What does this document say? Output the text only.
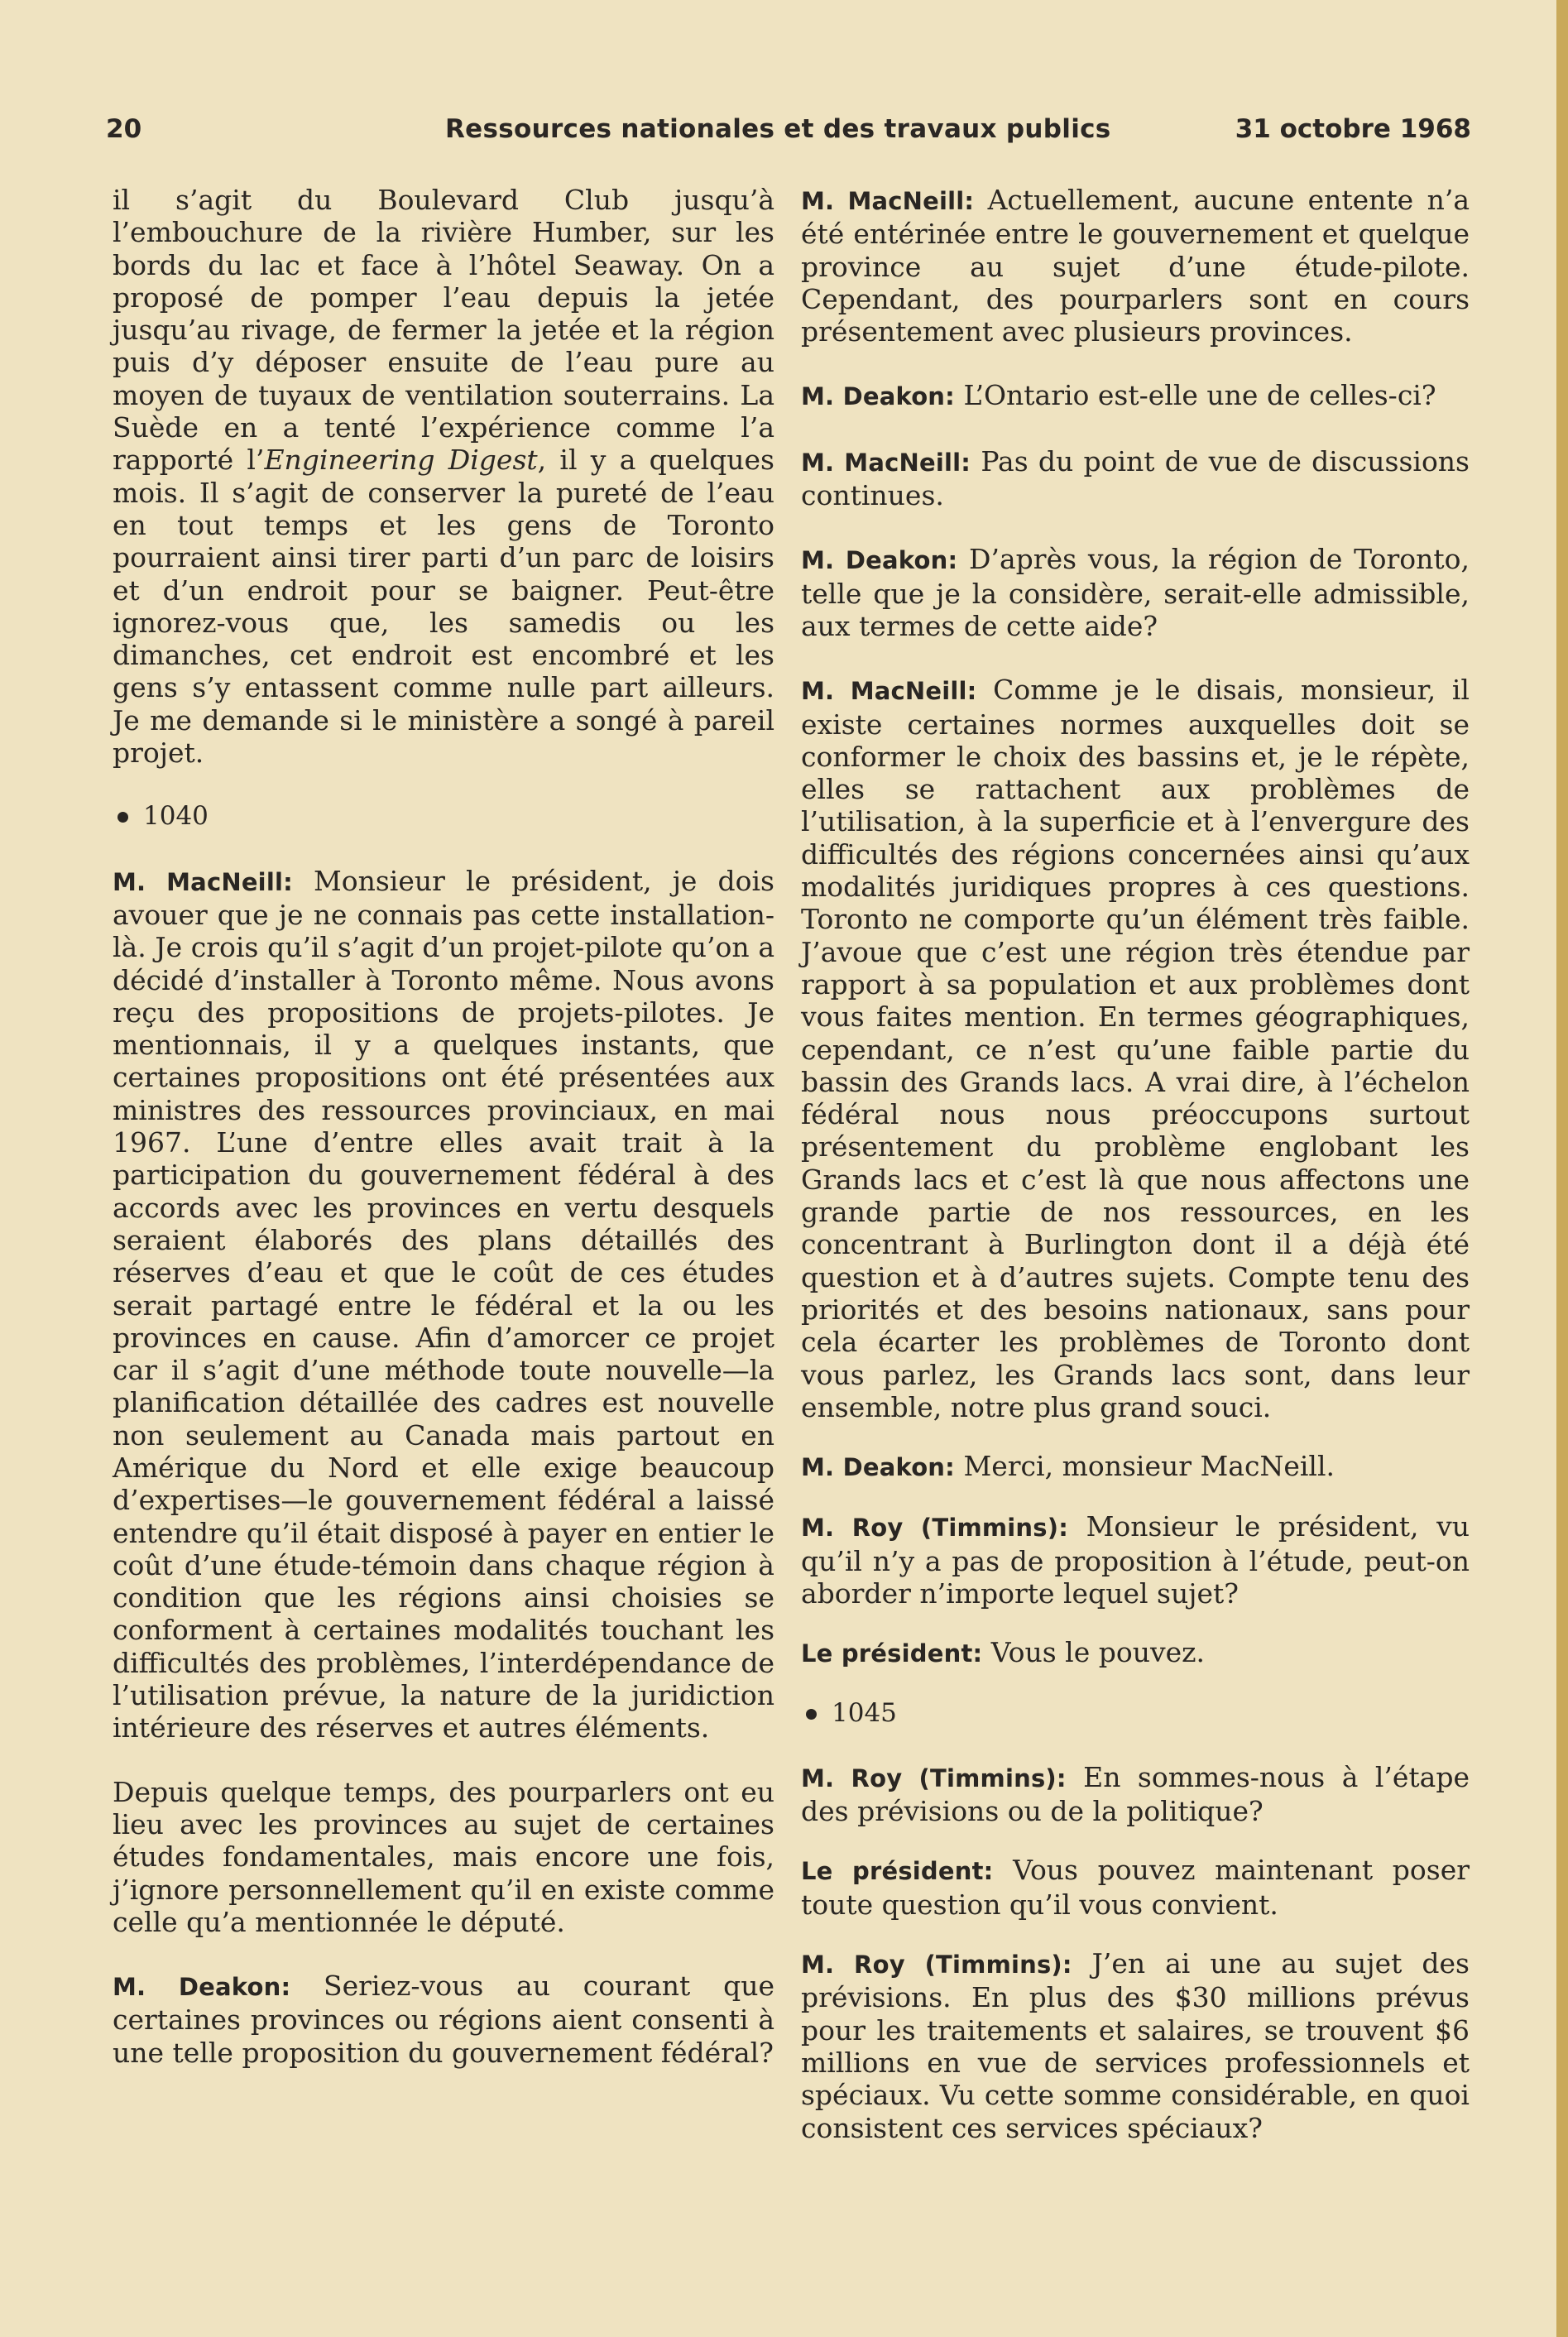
20	Ressources nationales et des travaux publics	31 octobre 1968

il s’agit du Boulevard Club jusqu’à l’embouchure de la rivière Humber, sur les bords du lac et face à l’hôtel Seaway. On a proposé de pomper l’eau depuis la jetée jusqu’au rivage, de fermer la jetée et la région puis d’y déposer ensuite de l’eau pure au moyen de tuyaux de ventilation souterrains. La Suède en a tenté l’expérience comme l’a rapporté l’Engineering Digest, il y a quelques mois. Il s’agit de conserver la pureté de l’eau en tout temps et les gens de Toronto pourraient ainsi tirer parti d’un parc de loisirs et d’un endroit pour se baigner. Peut-être ignorez-vous que, les samedis ou les dimanches, cet endroit est encombré et les gens s’y entassent comme nulle part ailleurs. Je me demande si le ministère a songé à pareil projet.

1040

M. MacNeill: Monsieur le président, je dois avouer que je ne connais pas cette installation-là. Je crois qu’il s’agit d’un projet-pilote qu’on a décidé d’installer à Toronto même. Nous avons reçu des propositions de projets-pilotes. Je mentionnais, il y a quelques instants, que certaines propositions ont été présentées aux ministres des ressources provinciaux, en mai 1967. L’une d’entre elles avait trait à la participation du gouvernement fédéral à des accords avec les provinces en vertu desquels seraient élaborés des plans détaillés des réserves d’eau et que le coût de ces études serait partagé entre le fédéral et la ou les provinces en cause. Afin d’amorcer ce projet car il s’agit d’une méthode toute nouvelle—la planification détaillée des cadres est nouvelle non seulement au Canada mais partout en Amérique du Nord et elle exige beaucoup d’expertises—le gouvernement fédéral a laissé entendre qu’il était disposé à payer en entier le coût d’une étude-témoin dans chaque région à condition que les régions ainsi choisies se conforment à certaines modalités touchant les difficultés des problèmes, l’interdépendance de l’utilisation prévue, la nature de la juridiction intérieure des réserves et autres éléments.

Depuis quelque temps, des pourparlers ont eu lieu avec les provinces au sujet de certaines études fondamentales, mais encore une fois, j’ignore personnellement qu’il en existe comme celle qu’a mentionnée le député.

M. Deakon: Seriez-vous au courant que certaines provinces ou régions aient consenti à une telle proposition du gouvernement fédéral?

M. MacNeill: Actuellement, aucune entente n’a été entérinée entre le gouvernement et quelque province au sujet d’une étude-pilote. Cependant, des pourparlers sont en cours présentement avec plusieurs provinces.

M. Deakon: L’Ontario est-elle une de celles-ci?

M. MacNeill: Pas du point de vue de discussions continues.

M. Deakon: D’après vous, la région de Toronto, telle que je la considère, serait-elle admissible, aux termes de cette aide?

M. MacNeill: Comme je le disais, monsieur, il existe certaines normes auxquelles doit se conformer le choix des bassins et, je le répète, elles se rattachent aux problèmes de l’utilisation, à la superficie et à l’envergure des difficultés des régions concernées ainsi qu’aux modalités juridiques propres à ces questions. Toronto ne comporte qu’un élément très faible. J’avoue que c’est une région très étendue par rapport à sa population et aux problèmes dont vous faites mention. En termes géographiques, cependant, ce n’est qu’une faible partie du bassin des Grands lacs. A vrai dire, à l’échelon fédéral nous nous préoccupons surtout présentement du problème englobant les Grands lacs et c’est là que nous affectons une grande partie de nos ressources, en les concentrant à Burlington dont il a déjà été question et à d’autres sujets. Compte tenu des priorités et des besoins nationaux, sans pour cela écarter les problèmes de Toronto dont vous parlez, les Grands lacs sont, dans leur ensemble, notre plus grand souci.

M. Deakon: Merci, monsieur MacNeill.

M. Roy (Timmins): Monsieur le président, vu qu’il n’y a pas de proposition à l’étude, peut-on aborder n’importe lequel sujet?

Le président: Vous le pouvez.

1045

M. Roy (Timmins): En sommes-nous à l’étape des prévisions ou de la politique?

Le président: Vous pouvez maintenant poser toute question qu’il vous convient.

M. Roy (Timmins): J’en ai une au sujet des prévisions. En plus des $30 millions prévus pour les traitements et salaires, se trouvent $6 millions en vue de services professionnels et spéciaux. Vu cette somme considérable, en quoi consistent ces services spéciaux?
